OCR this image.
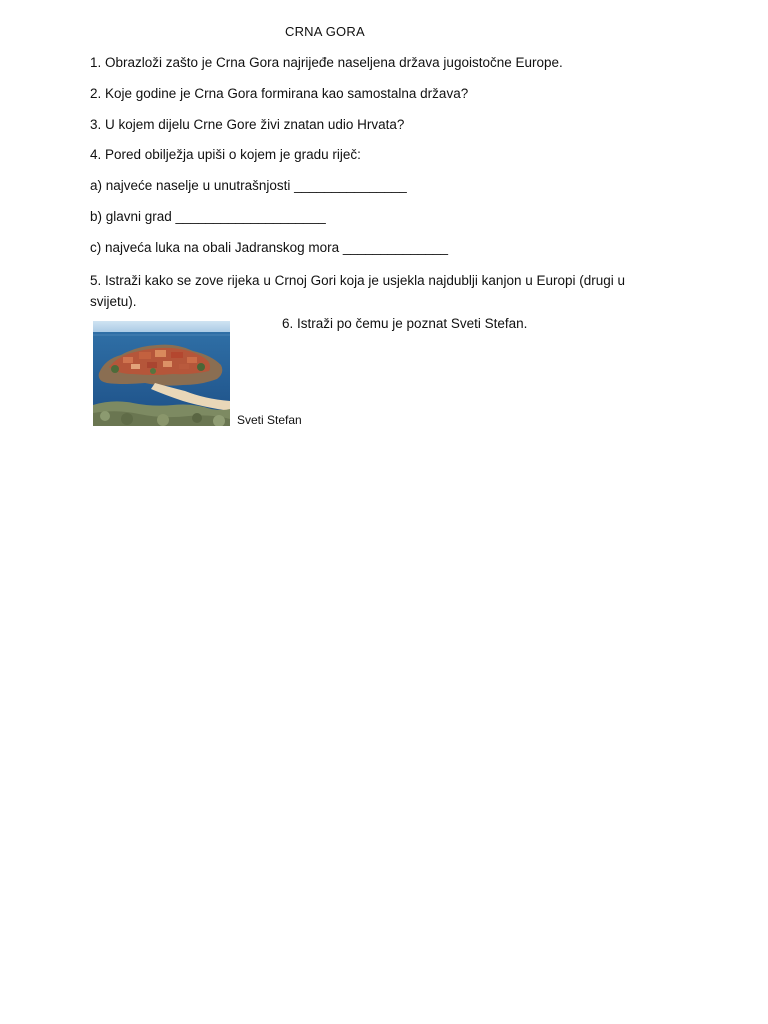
CRNA GORA
1. Obrazloži zašto je Crna Gora najrijeđe naseljena država jugoistočne Europe.
2. Koje godine je Crna Gora formirana kao samostalna država?
3. U kojem dijelu Crne Gore živi znatan udio Hrvata?
4. Pored obilježja upiši o kojem je gradu riječ:
a) najveće naselje u unutrašnjosti _______________
b) glavni grad ____________________
c) najveća luka na obali Jadranskog mora ______________
5. Istraži kako se zove rijeka u Crnoj Gori koja je usjekla najdublji kanjon u Europi (drugi u svijetu).
6. Istraži po čemu je poznat Sveti Stefan.
Sveti Stefan
